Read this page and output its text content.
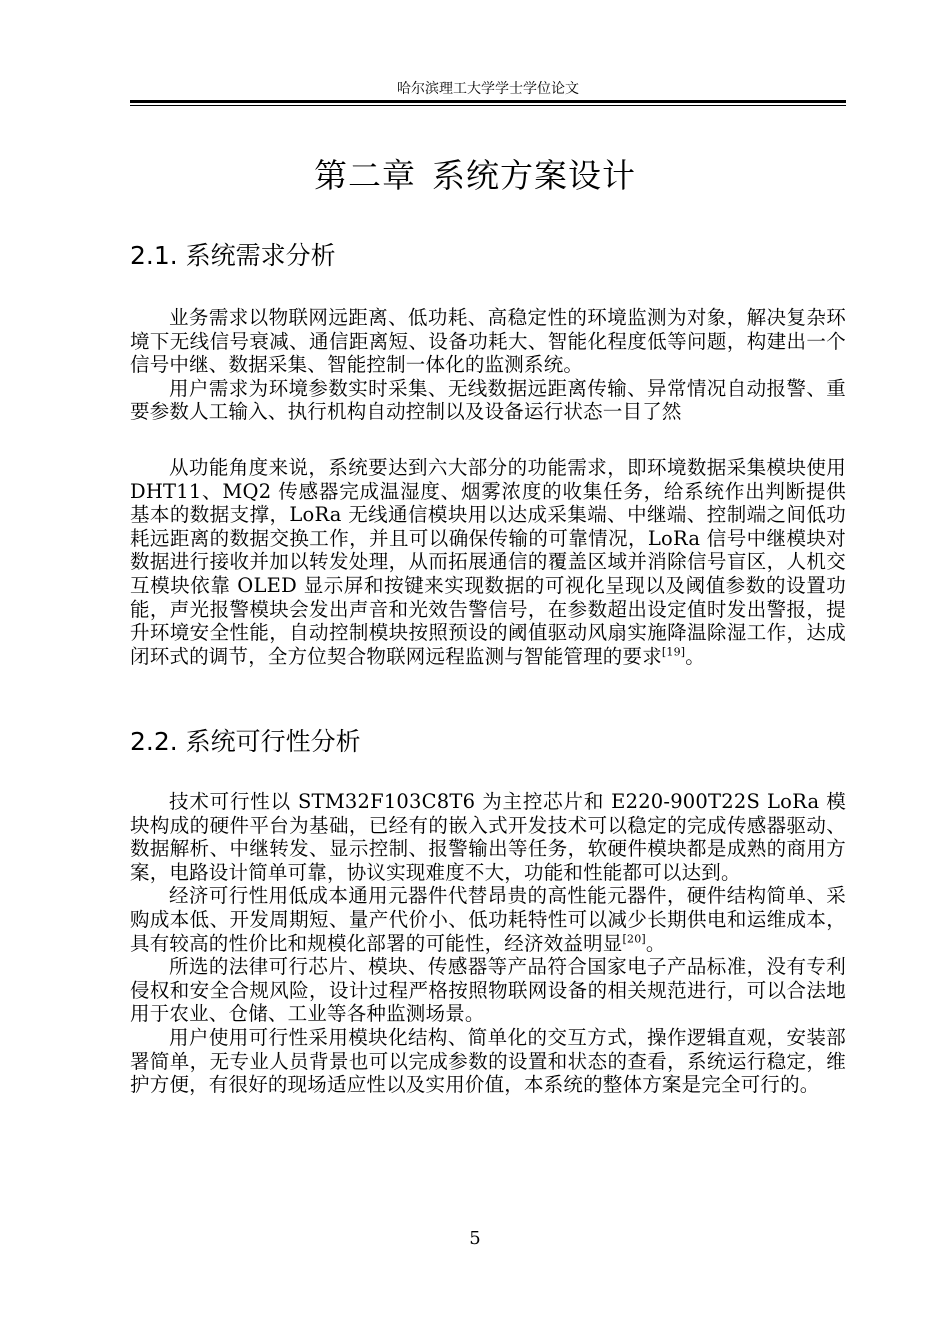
哈尔滨理工大学学士学位论文
第二章 系统方案设计
2.1. 系统需求分析

业务需求以物联网远距离、低功耗、高稳定性的环境监测为对象，解决复杂环境下无线信号衰减、通信距离短、设备功耗大、智能化程度低等问题，构建出一个信号中继、数据采集、智能控制一体化的监测系统。

用户需求为环境参数实时采集、无线数据远距离传输、异常情况自动报警、重要参数人工输入、执行机构自动控制以及设备运行状态一目了然

从功能角度来说，系统要达到六大部分的功能需求，即环境数据采集模块使用 DHT11、MQ2 传感器完成温湿度、烟雾浓度的收集任务，给系统作出判断提供基本的数据支撑，LoRa 无线通信模块用以达成采集端、中继端、控制端之间低功耗远距离的数据交换工作，并且可以确保传输的可靠情况，LoRa 信号中继模块对数据进行接收并加以转发处理，从而拓展通信的覆盖区域并消除信号盲区，人机交互模块依靠 OLED 显示屏和按键来实现数据的可视化呈现以及阈值参数的设置功能，声光报警模块会发出声音和光效告警信号，在参数超出设定值时发出警报，提升环境安全性能，自动控制模块按照预设的阈值驱动风扇实施降温除湿工作，达成闭环式的调节，全方位契合物联网远程监测与智能管理的要求[19]。

2.2. 系统可行性分析

技术可行性以 STM32F103C8T6 为主控芯片和 E220-900T22S LoRa 模块构成的硬件平台为基础，已经有的嵌入式开发技术可以稳定的完成传感器驱动、数据解析、中继转发、显示控制、报警输出等任务，软硬件模块都是成熟的商用方案，电路设计简单可靠，协议实现难度不大，功能和性能都可以达到。

经济可行性用低成本通用元器件代替昂贵的高性能元器件，硬件结构简单、采购成本低、开发周期短、量产代价小、低功耗特性可以减少长期供电和运维成本，具有较高的性价比和规模化部署的可能性，经济效益明显[20]。

所选的法律可行芯片、模块、传感器等产品符合国家电子产品标准，没有专利侵权和安全合规风险，设计过程严格按照物联网设备的相关规范进行，可以合法地用于农业、仓储、工业等各种监测场景。

用户使用可行性采用模块化结构、简单化的交互方式，操作逻辑直观，安装部署简单，无专业人员背景也可以完成参数的设置和状态的查看，系统运行稳定，维护方便，有很好的现场适应性以及实用价值，本系统的整体方案是完全可行的。

5
